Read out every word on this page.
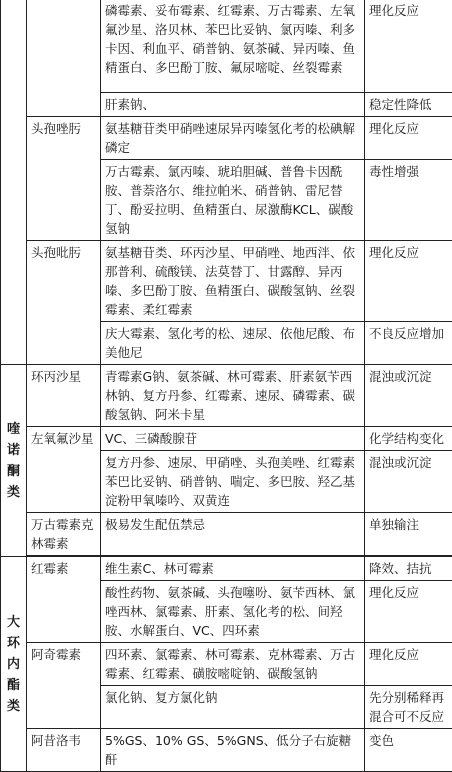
		磷霉素、妥布霉素、红霉素、万古霉素、左氧氟沙星、洛贝林、苯巴比妥钠、氯丙嗪、利多卡因、利血平、硝普钠、氨茶碱、异丙嗪、鱼精蛋白、多巴酚丁胺、氟尿嘧啶、丝裂霉素	理化反应
		肝素钠、	稳定性降低
	头孢唑肟	氨基糖苷类甲硝唑速尿异丙嗪氢化考的松碘解磷定	理化反应
		万古霉素、氯丙嗪、琥珀胆碱、普鲁卡因酰胺、普萘洛尔、维拉帕米、硝普钠、雷尼替丁、酚妥拉明、鱼精蛋白、尿激酶KCL、碳酸氢钠	毒性增强
	头孢吡肟	氨基糖苷类、环丙沙星、甲硝唑、地西泮、依那普利、硫酸镁、法莫替丁、甘露醇、异丙嗪、多巴酚丁胺、鱼精蛋白、碳酸氢钠、丝裂霉素、柔红霉素	理化反应
		庆大霉素、氢化考的松、速尿、依他尼酸、布美他尼	不良反应增加
喹诺酮类	环丙沙星	青霉素G钠、氨茶碱、林可霉素、肝素氨苄西林钠、复方丹参、红霉素、速尿、磷霉素、碳酸氢钠、阿米卡星	混浊或沉淀
	左氧氟沙星	VC、三磷酸腺苷	化学结构变化
		复方丹参、速尿、甲硝唑、头孢美唑、红霉素苯巴比妥钠、硝普钠、喘定、多巴胺、羟乙基淀粉甲氧嗪吟、双黄连	混浊或沉淀
	万古霉素克林霉素	极易发生配伍禁忌	单独输注

大环内酯类	红霉素	维生素C、林可霉素	降效、拮抗
		酸性药物、氨茶碱、头孢噻吩、氨苄西林、氯唑西林、氯霉素、肝素、氢化考的松、间羟胺、水解蛋白、VC、四环素	理化反应
	阿奇霉素	四环素、氯霉素、林可霉素、克林霉素、万古霉素、红霉素、磺胺嘧啶钠、碳酸氢钠	理化反应
		氯化钠、复方氯化钠	先分别稀释再混合可不反应
	阿昔洛韦	5%GS、10% GS、5%GNS、低分子右旋糖酐	变色
